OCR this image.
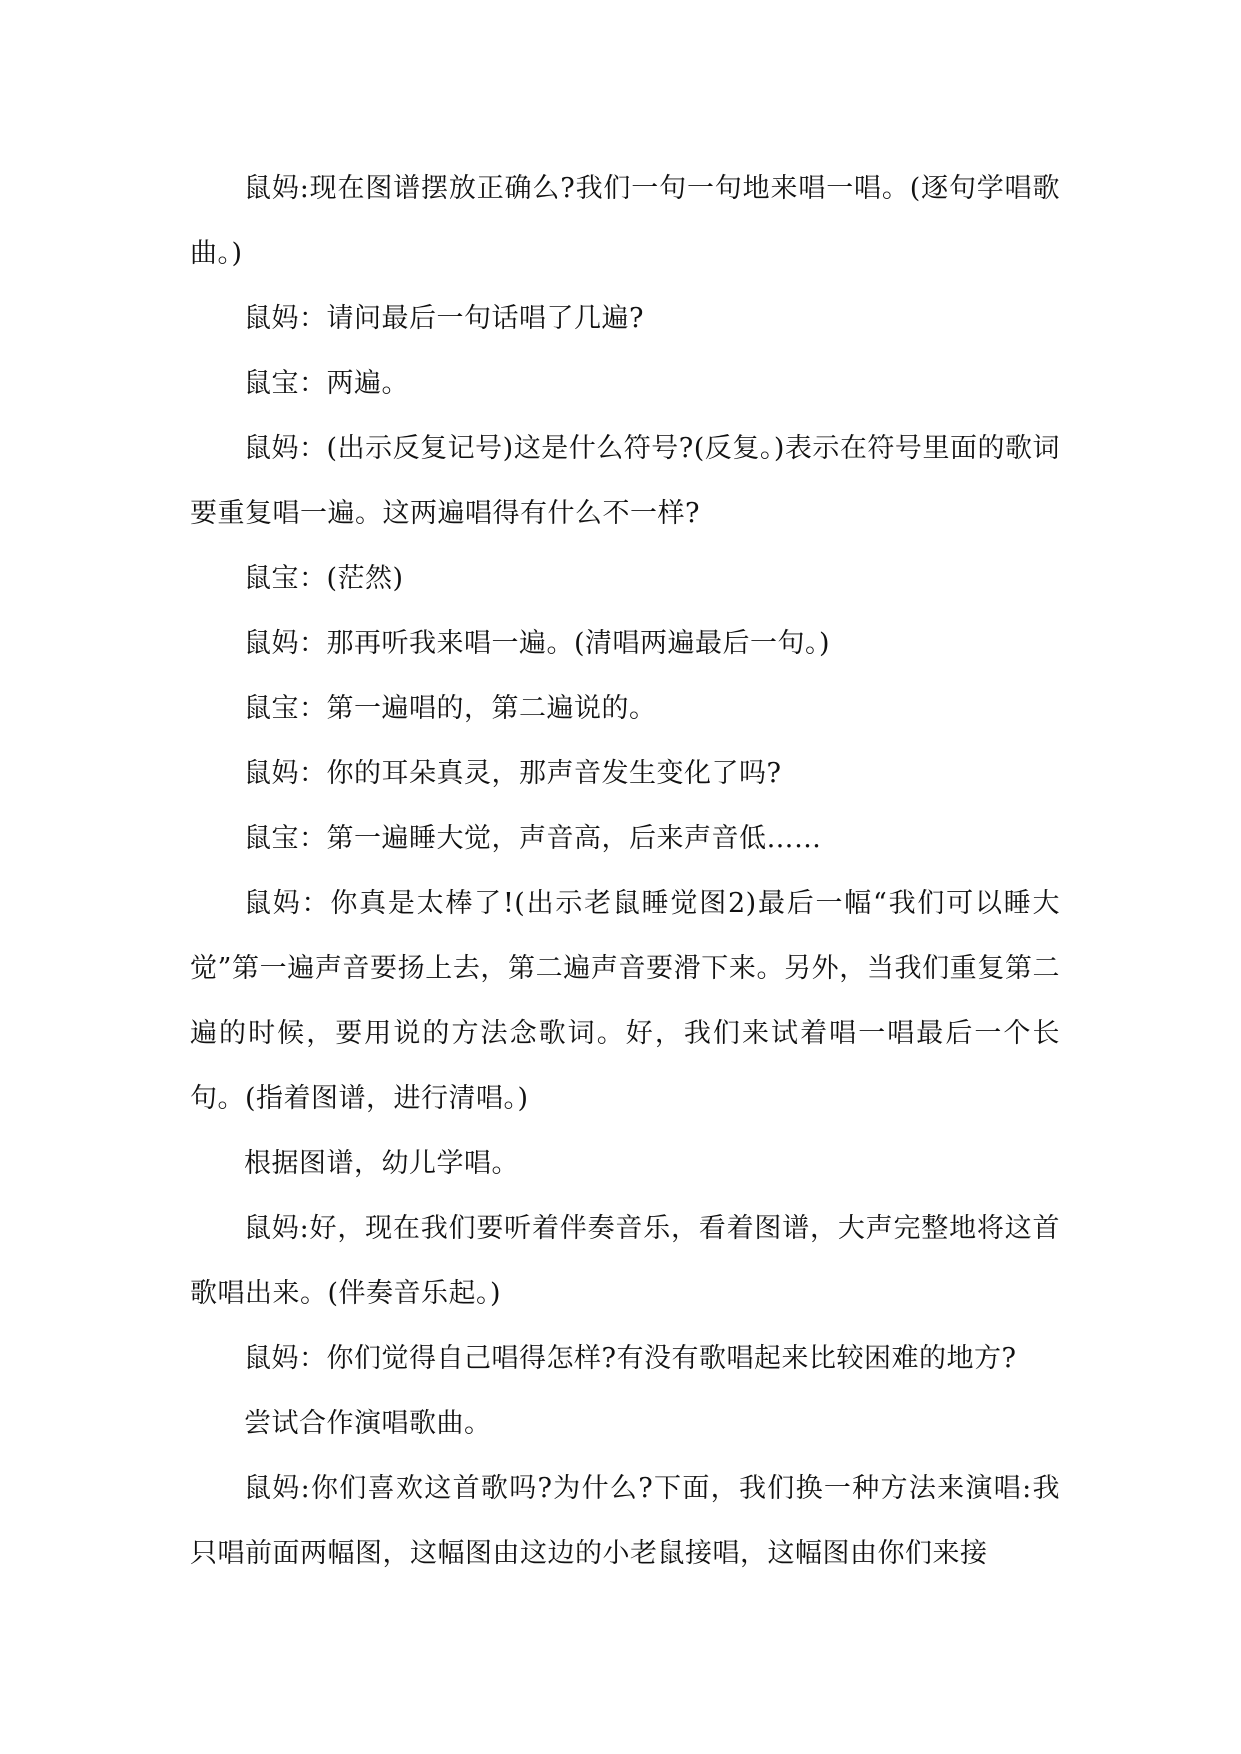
鼠妈:现在图谱摆放正确么?我们一句一句地来唱一唱。(逐句学唱歌曲。)

鼠妈：请问最后一句话唱了几遍?

鼠宝：两遍。

鼠妈：(出示反复记号)这是什么符号?(反复。)表示在符号里面的歌词要重复唱一遍。这两遍唱得有什么不一样?

鼠宝：(茫然)

鼠妈：那再听我来唱一遍。(清唱两遍最后一句。)

鼠宝：第一遍唱的，第二遍说的。

鼠妈：你的耳朵真灵，那声音发生变化了吗?

鼠宝：第一遍睡大觉，声音高，后来声音低……

鼠妈：你真是太棒了!(出示老鼠睡觉图2)最后一幅“我们可以睡大觉”第一遍声音要扬上去，第二遍声音要滑下来。另外，当我们重复第二遍的时候，要用说的方法念歌词。好，我们来试着唱一唱最后一个长句。(指着图谱，进行清唱。)

根据图谱，幼儿学唱。

鼠妈:好，现在我们要听着伴奏音乐，看着图谱，大声完整地将这首歌唱出来。(伴奏音乐起。)

鼠妈：你们觉得自己唱得怎样?有没有歌唱起来比较困难的地方?

尝试合作演唱歌曲。

鼠妈:你们喜欢这首歌吗?为什么?下面，我们换一种方法来演唱:我只唱前面两幅图，这幅图由这边的小老鼠接唱，这幅图由你们来接
